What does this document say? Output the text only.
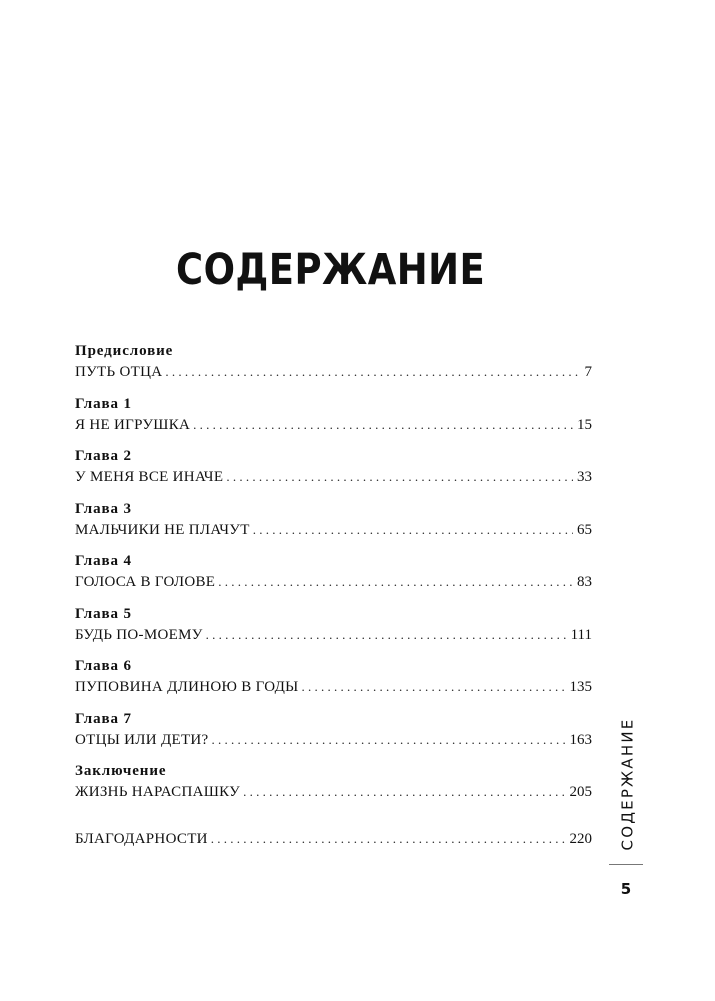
СОДЕРЖАНИЕ
Предисловие
ПУТЬ ОТЦА . . .	7
Глава 1
Я НЕ ИГРУШКА . . .	15
Глава 2
У МЕНЯ ВСЕ ИНАЧЕ . . .	33
Глава 3
МАЛЬЧИКИ НЕ ПЛАЧУТ . . .	65
Глава 4
ГОЛОСА В ГОЛОВЕ . . .	83
Глава 5
БУДЬ ПО-МОЕМУ . . .	111
Глава 6
ПУПОВИНА ДЛИНОЮ В ГОДЫ . . .	135
Глава 7
ОТЦЫ ИЛИ ДЕТИ? . . .	163
Заключение
ЖИЗНЬ НАРАСПАШКУ . . .	205
БЛАГОДАРНОСТИ . . .	220 СОДЕРЖАНИЕ
5
